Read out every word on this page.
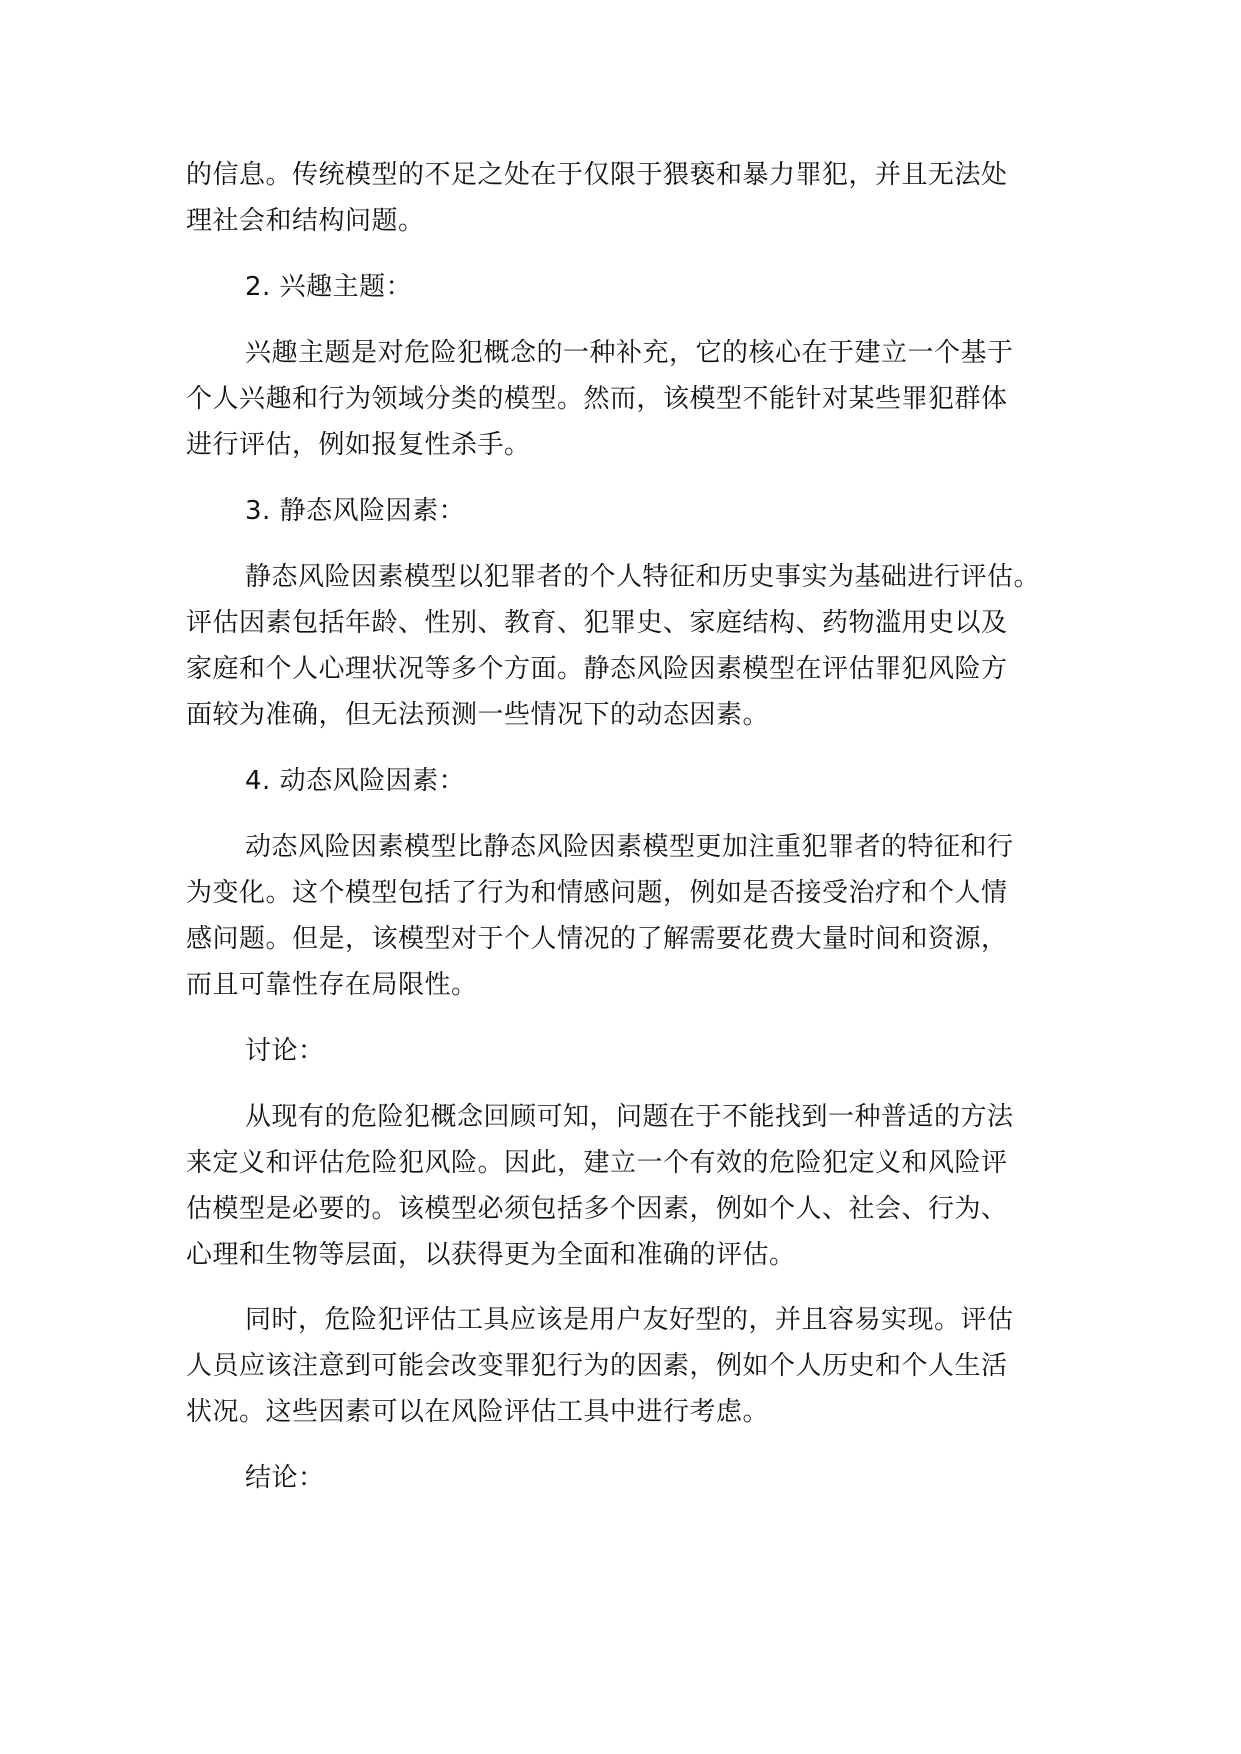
的信息。传统模型的不足之处在于仅限于猥亵和暴力罪犯，并且无法处
理社会和结构问题。
2. 兴趣主题：
兴趣主题是对危险犯概念的一种补充，它的核心在于建立一个基于
个人兴趣和行为领域分类的模型。然而，该模型不能针对某些罪犯群体
进行评估，例如报复性杀手。
3. 静态风险因素：
静态风险因素模型以犯罪者的个人特征和历史事实为基础进行评估。
评估因素包括年龄、性别、教育、犯罪史、家庭结构、药物滥用史以及
家庭和个人心理状况等多个方面。静态风险因素模型在评估罪犯风险方
面较为准确，但无法预测一些情况下的动态因素。
4. 动态风险因素：
动态风险因素模型比静态风险因素模型更加注重犯罪者的特征和行
为变化。这个模型包括了行为和情感问题，例如是否接受治疗和个人情
感问题。但是，该模型对于个人情况的了解需要花费大量时间和资源，
而且可靠性存在局限性。
讨论：
从现有的危险犯概念回顾可知，问题在于不能找到一种普适的方法
来定义和评估危险犯风险。因此，建立一个有效的危险犯定义和风险评
估模型是必要的。该模型必须包括多个因素，例如个人、社会、行为、
心理和生物等层面，以获得更为全面和准确的评估。
同时，危险犯评估工具应该是用户友好型的，并且容易实现。评估
人员应该注意到可能会改变罪犯行为的因素，例如个人历史和个人生活
状况。这些因素可以在风险评估工具中进行考虑。
结论：
